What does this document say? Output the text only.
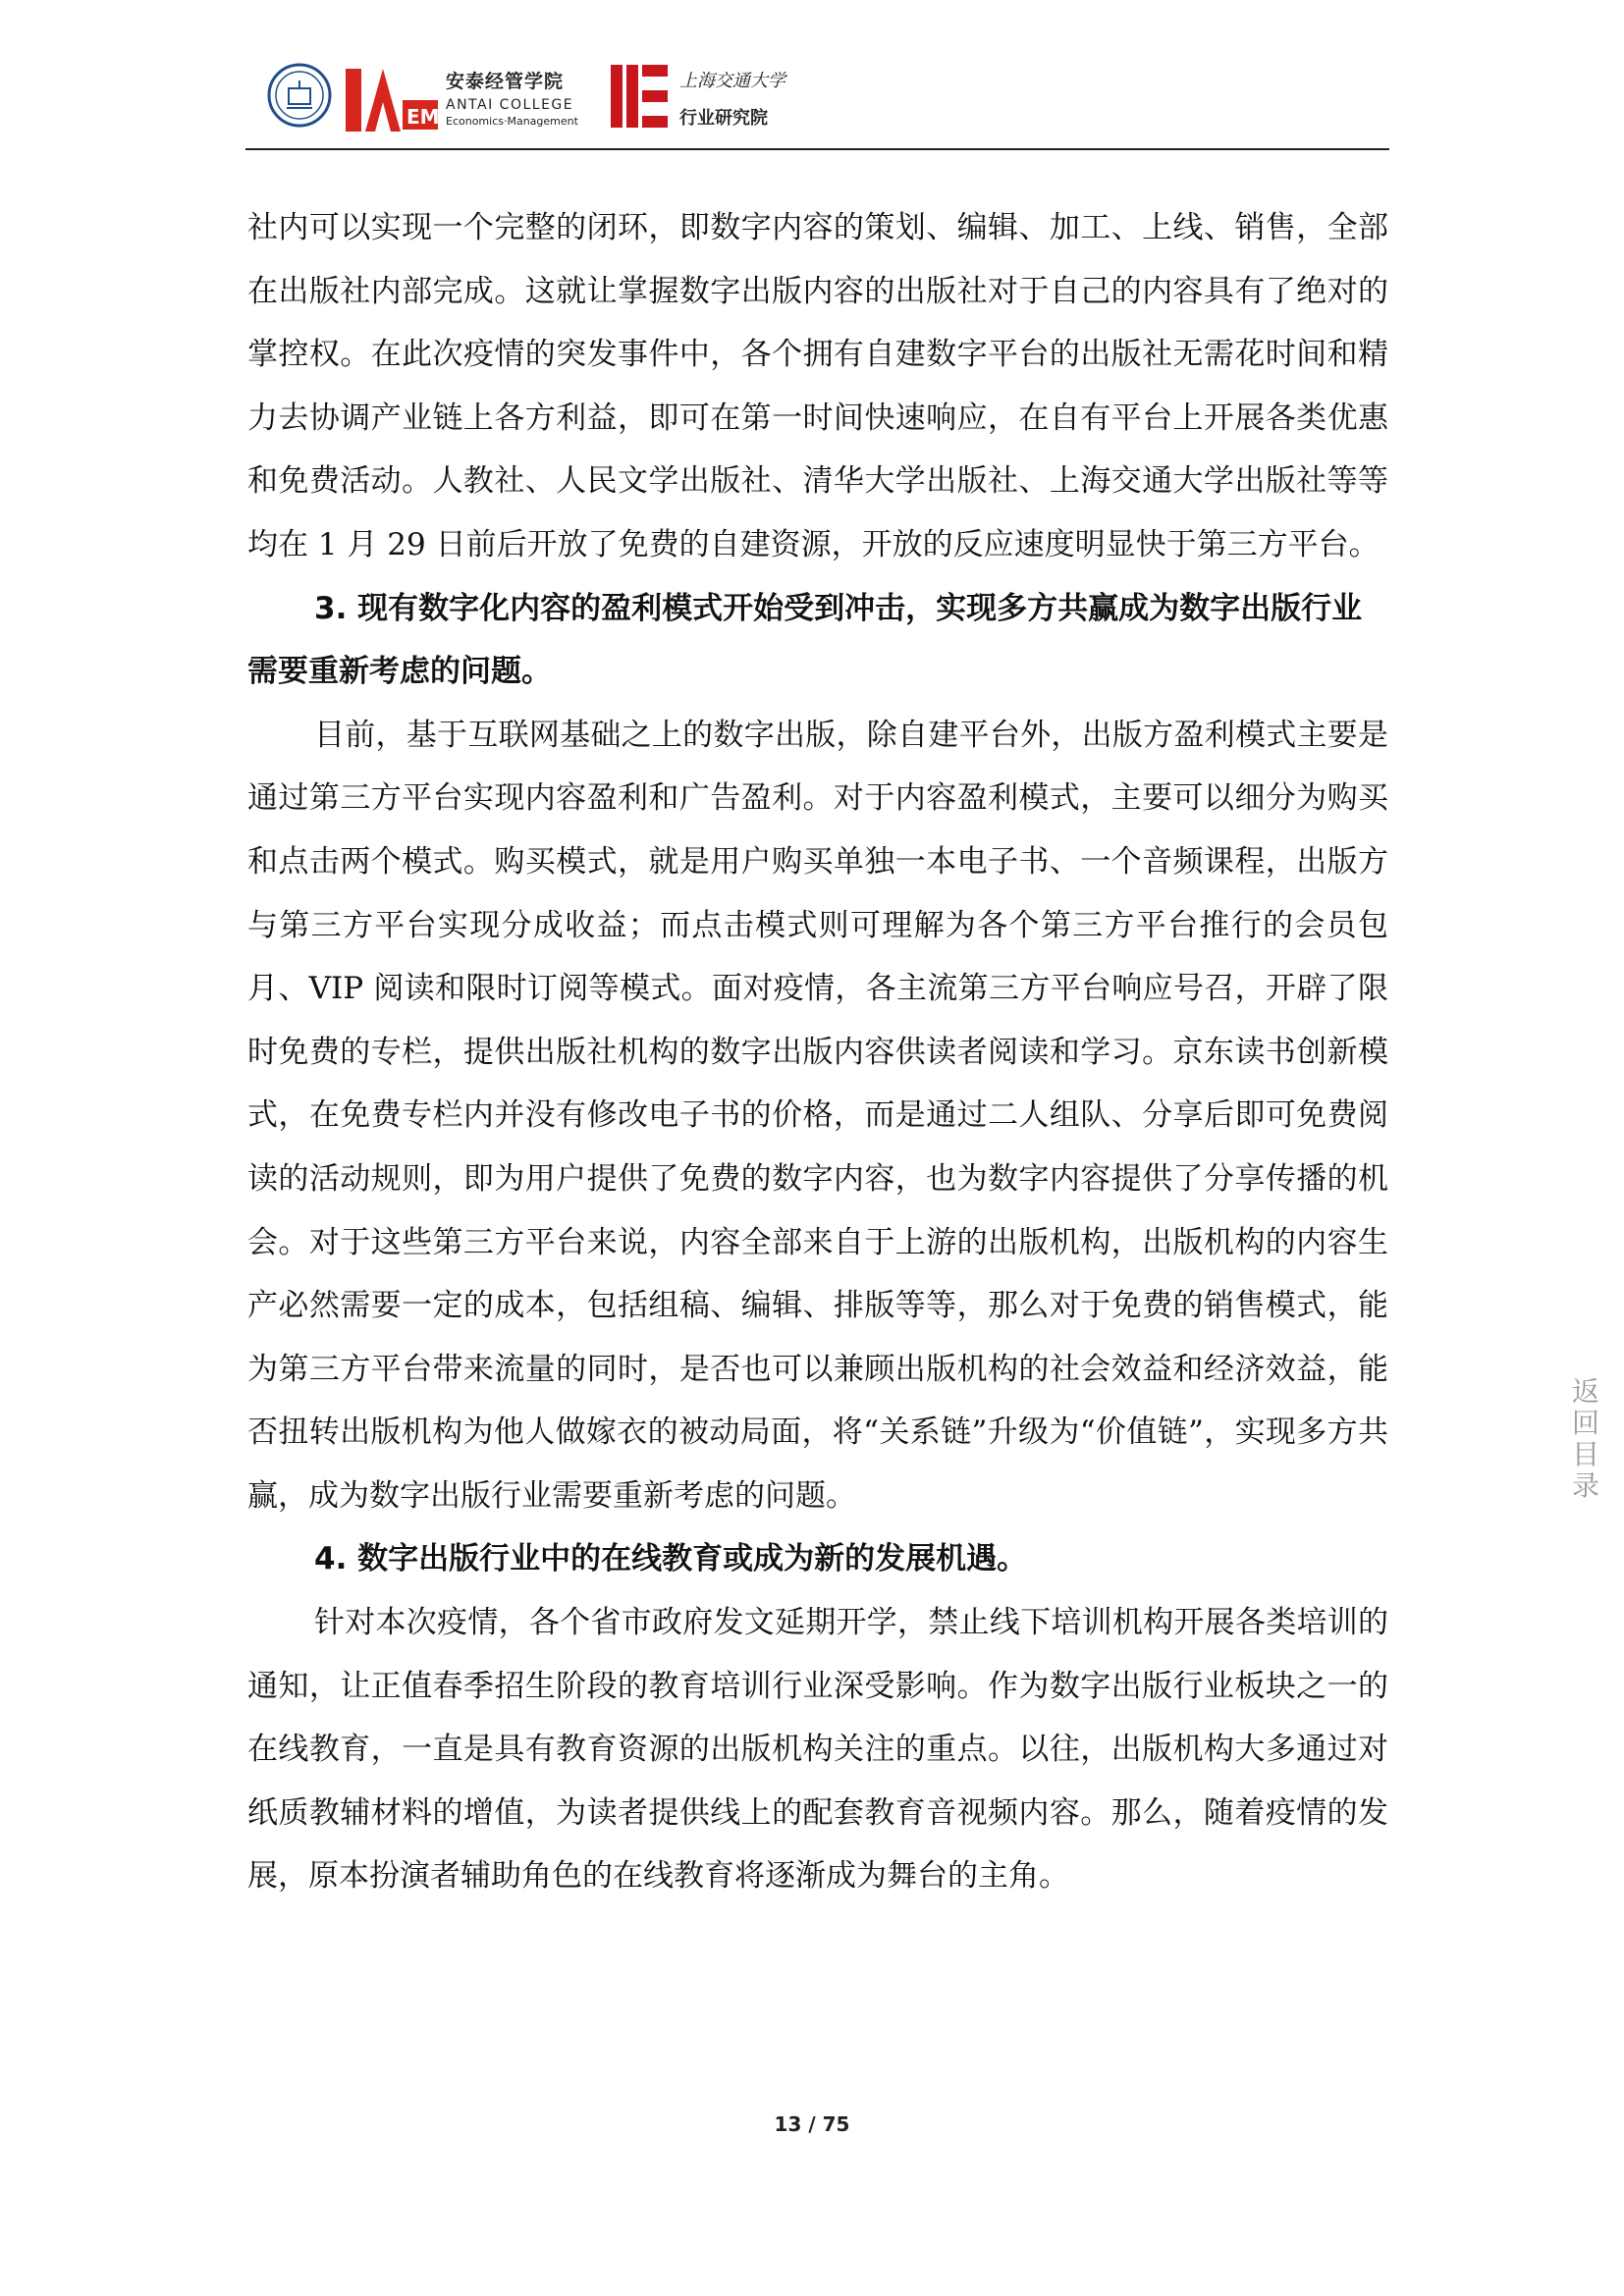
EM
安泰经管学院
ANTAI COLLEGE
Economics·Management
上海交通大学
行业研究院

社内可以实现一个完整的闭环，即数字内容的策划、编辑、加工、上线、销售，全部在出版社内部完成。这就让掌握数字出版内容的出版社对于自己的内容具有了绝对的掌控权。在此次疫情的突发事件中，各个拥有自建数字平台的出版社无需花时间和精力去协调产业链上各方利益，即可在第一时间快速响应，在自有平台上开展各类优惠和免费活动。人教社、人民文学出版社、清华大学出版社、上海交通大学出版社等等均在 1 月 29 日前后开放了免费的自建资源，开放的反应速度明显快于第三方平台。

3. 现有数字化内容的盈利模式开始受到冲击，实现多方共赢成为数字出版行业需要重新考虑的问题。

目前，基于互联网基础之上的数字出版，除自建平台外，出版方盈利模式主要是通过第三方平台实现内容盈利和广告盈利。对于内容盈利模式，主要可以细分为购买和点击两个模式。购买模式，就是用户购买单独一本电子书、一个音频课程，出版方与第三方平台实现分成收益；而点击模式则可理解为各个第三方平台推行的会员包月、VIP 阅读和限时订阅等模式。面对疫情，各主流第三方平台响应号召，开辟了限时免费的专栏，提供出版社机构的数字出版内容供读者阅读和学习。京东读书创新模式，在免费专栏内并没有修改电子书的价格，而是通过二人组队、分享后即可免费阅读的活动规则，即为用户提供了免费的数字内容，也为数字内容提供了分享传播的机会。对于这些第三方平台来说，内容全部来自于上游的出版机构，出版机构的内容生产必然需要一定的成本，包括组稿、编辑、排版等等，那么对于免费的销售模式，能为第三方平台带来流量的同时，是否也可以兼顾出版机构的社会效益和经济效益，能否扭转出版机构为他人做嫁衣的被动局面，将“关系链”升级为“价值链”，实现多方共赢，成为数字出版行业需要重新考虑的问题。

4. 数字出版行业中的在线教育或成为新的发展机遇。

针对本次疫情，各个省市政府发文延期开学，禁止线下培训机构开展各类培训的通知，让正值春季招生阶段的教育培训行业深受影响。作为数字出版行业板块之一的在线教育，一直是具有教育资源的出版机构关注的重点。以往，出版机构大多通过对纸质教辅材料的增值，为读者提供线上的配套教育音视频内容。那么，随着疫情的发展，原本扮演者辅助角色的在线教育将逐渐成为舞台的主角。

返回目录
13 / 75
